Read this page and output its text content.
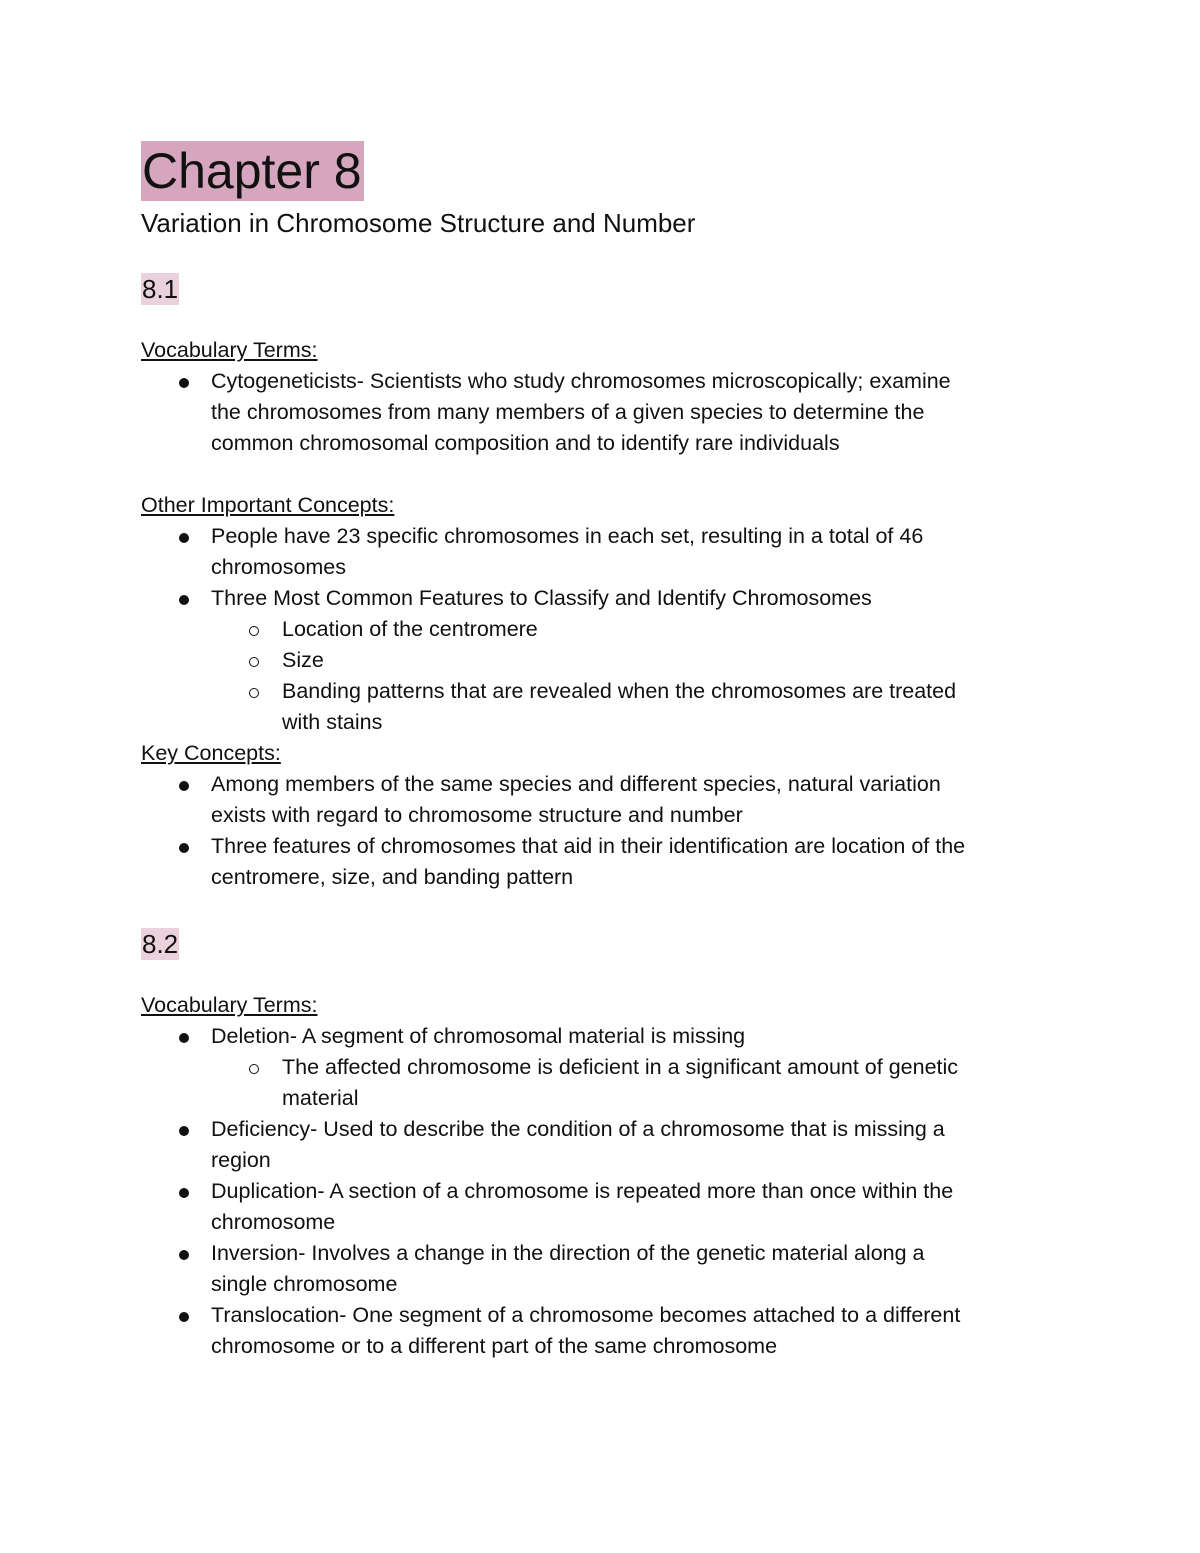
Chapter 8
Variation in Chromosome Structure and Number
8.1
Vocabulary Terms:
Cytogeneticists- Scientists who study chromosomes microscopically; examine
the chromosomes from many members of a given species to determine the
common chromosomal composition and to identify rare individuals
Other Important Concepts:
People have 23 specific chromosomes in each set, resulting in a total of 46
chromosomes
Three Most Common Features to Classify and Identify Chromosomes
Location of the centromere
Size
Banding patterns that are revealed when the chromosomes are treated
with stains
Key Concepts:
Among members of the same species and different species, natural variation
exists with regard to chromosome structure and number
Three features of chromosomes that aid in their identification are location of the
centromere, size, and banding pattern
8.2
Vocabulary Terms:
Deletion- A segment of chromosomal material is missing
The affected chromosome is deficient in a significant amount of genetic
material
Deficiency- Used to describe the condition of a chromosome that is missing a
region
Duplication- A section of a chromosome is repeated more than once within the
chromosome
Inversion- Involves a change in the direction of the genetic material along a
single chromosome
Translocation- One segment of a chromosome becomes attached to a different
chromosome or to a different part of the same chromosome
